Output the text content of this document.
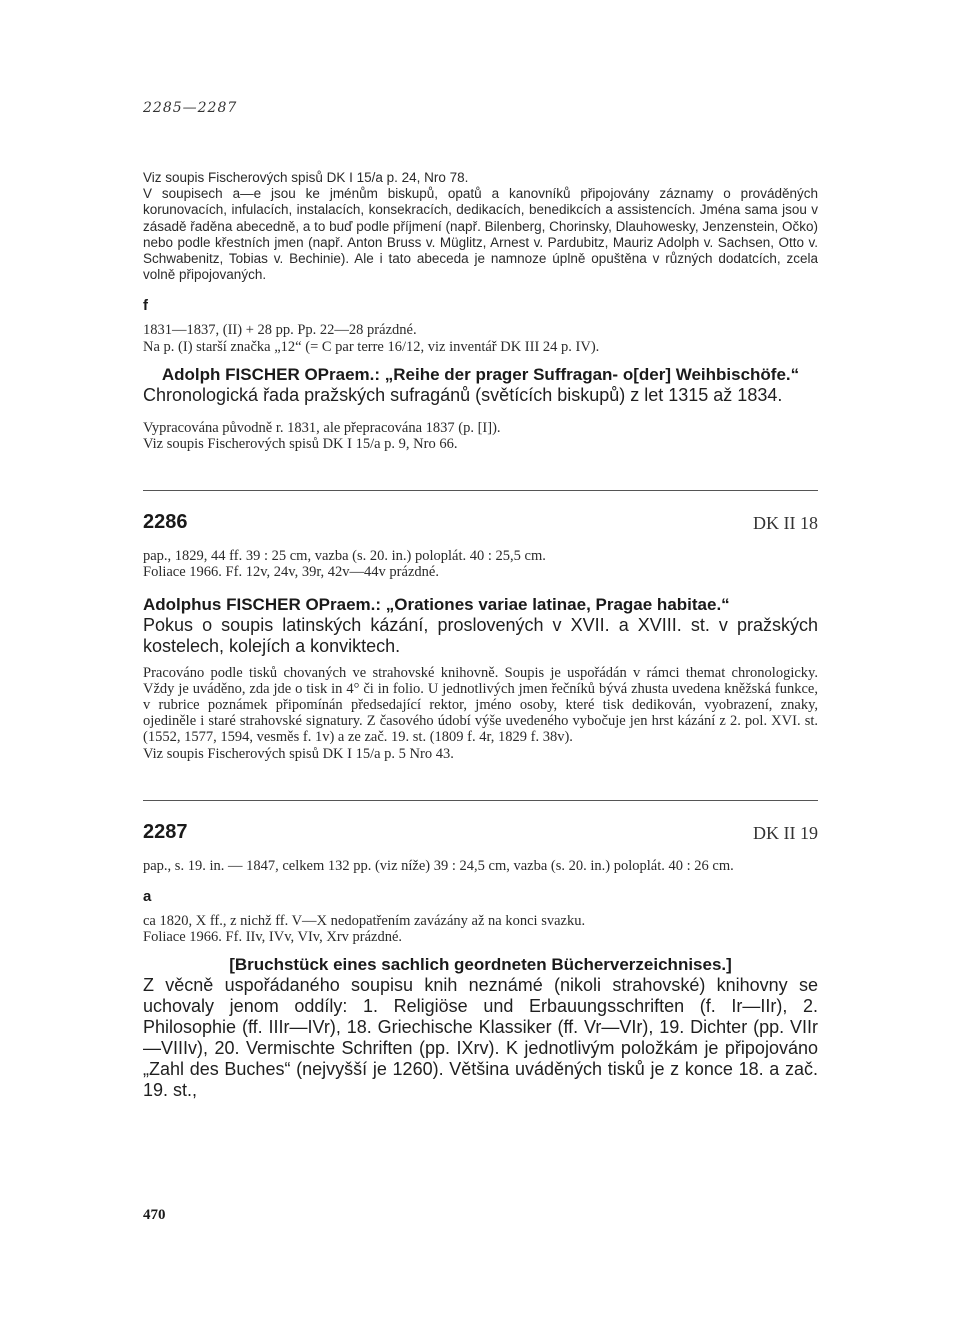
2285—2287
Viz soupis Fischerových spisů DK I 15/a p. 24, Nro 78.
V soupisech a—e jsou ke jménům biskupů, opatů a kanovníků připojovány záznamy o prováděných korunovacích, infulacích, instalacích, konsekracích, dedikacích, benedikcích a assistencích. Jména sama jsou v zásadě řaděna abecedně, a to buď podle příjmení (např. Bilenberg, Chorinsky, Dlauhowesky, Jenzenstein, Očko) nebo podle křestních jmen (např. Anton Bruss v. Müglitz, Arnest v. Pardubitz, Mauriz Adolph v. Sachsen, Otto v. Schwabenitz, Tobias v. Bechinie). Ale i tato abeceda je namnoze úplně opuštěna v různých dodatcích, zcela volně připojovaných.
f
1831—1837, (II) + 28 pp. Pp. 22—28 prázdné.
Na p. (I) starší značka „12“ (= C par terre 16/12, viz inventář DK III 24 p. IV).
Adolph FISCHER OPraem.: „Reihe der prager Suffragan- o[der] Weihbischöfe.“
Chronologická řada pražských sufragánů (světících biskupů) z let 1315 až 1834.
Vypracována původně r. 1831, ale přepracována 1837 (p. [I]).
Viz soupis Fischerových spisů DK I 15/a p. 9, Nro 66.
2286	DK II 18
pap., 1829, 44 ff. 39 : 25 cm, vazba (s. 20. in.) poloplát. 40 : 25,5 cm.
Foliace 1966. Ff. 12v, 24v, 39r, 42v—44v prázdné.
Adolphus FISCHER OPraem.: „Orationes variae latinae, Pragae habitae.“
Pokus o soupis latinských kázání, proslovených v XVII. a XVIII. st. v pražských kostelech, kolejích a konviktech.
Pracováno podle tisků chovaných ve strahovské knihovně. Soupis je uspořádán v rámci themat chronologicky. Vždy je uváděno, zda jde o tisk in 4° či in folio. U jednotlivých jmen řečníků bývá zhusta uvedena kněžská funkce, v rubrice poznámek připomínán předsedající rektor, jméno osoby, které tisk dedikován, vyobrazení, znaky, ojediněle i staré strahovské signatury. Z časového údobí výše uvedeného vybočuje jen hrst kázání z 2. pol. XVI. st. (1552, 1577, 1594, vesměs f. 1v) a ze zač. 19. st. (1809 f. 4r, 1829 f. 38v).
Viz soupis Fischerových spisů DK I 15/a p. 5 Nro 43.
2287	DK II 19
pap., s. 19. in. — 1847, celkem 132 pp. (viz níže) 39 : 24,5 cm, vazba (s. 20. in.) poloplát. 40 : 26 cm.
a
ca 1820, X ff., z nichž ff. V—X nedopatřením zavázány až na konci svazku.
Foliace 1966. Ff. IIv, IVv, VIv, Xrv prázdné.
[Bruchstück eines sachlich geordneten Bücherverzeichnises.]
Z věcně uspořádaného soupisu knih neznámé (nikoli strahovské) knihovny se uchovaly jenom oddíly: 1. Religiöse und Erbauungsschriften (f. Ir—IIr), 2. Philosophie (ff. IIIr—IVr), 18. Griechische Klassiker (ff. Vr—VIr), 19. Dichter (pp. VIIr—VIIIv), 20. Vermischte Schriften (pp. IXrv). K jednotlivým položkám je připojováno „Zahl des Buches“ (nejvyšší je 1260). Většina uváděných tisků je z konce 18. a zač. 19. st.,
470
